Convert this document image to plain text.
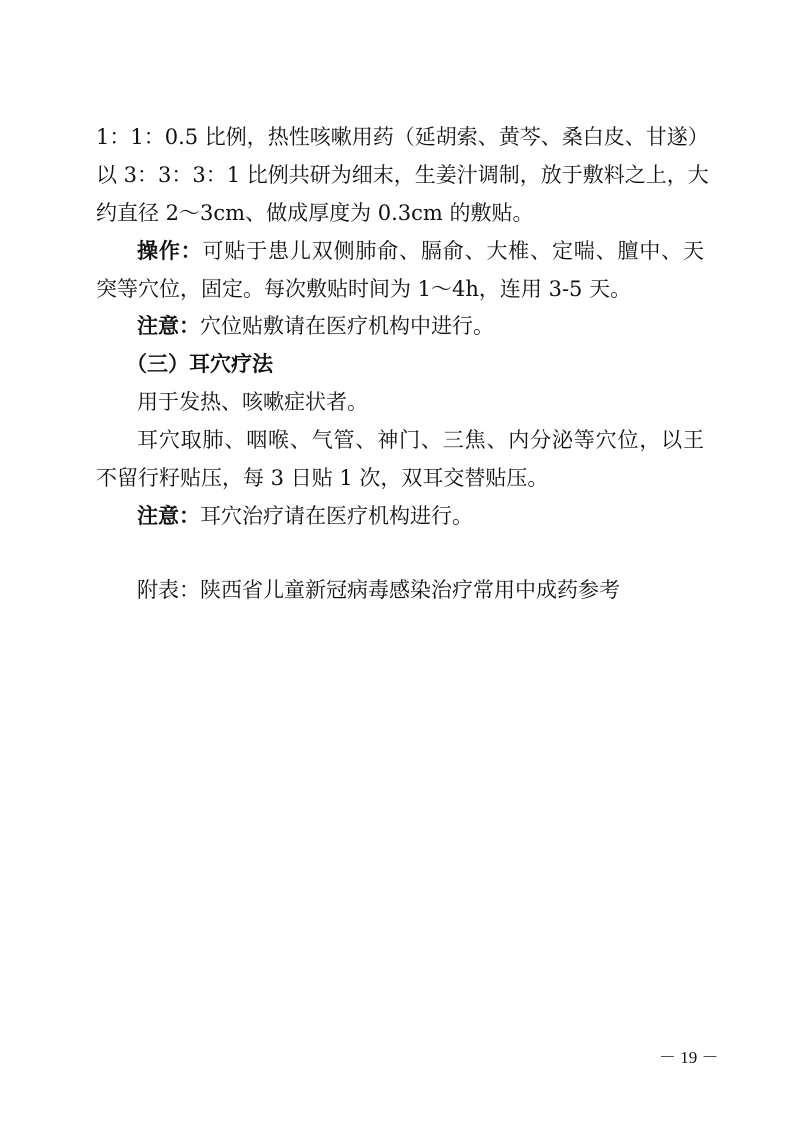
1：1：0.5 比例，热性咳嗽用药（延胡索、黄芩、桑白皮、甘遂）
以 3：3：3：1 比例共研为细末，生姜汁调制，放于敷料之上，大
约直径 2～3cm、做成厚度为 0.3cm 的敷贴。
操作：可贴于患儿双侧肺俞、膈俞、大椎、定喘、膻中、天
突等穴位，固定。每次敷贴时间为 1～4h，连用 3-5 天。
注意：穴位贴敷请在医疗机构中进行。
（三）耳穴疗法
用于发热、咳嗽症状者。
耳穴取肺、咽喉、气管、神门、三焦、内分泌等穴位，以王
不留行籽贴压，每 3 日贴 1 次，双耳交替贴压。
注意：耳穴治疗请在医疗机构进行。
附表：陕西省儿童新冠病毒感染治疗常用中成药参考
－ 19 －
